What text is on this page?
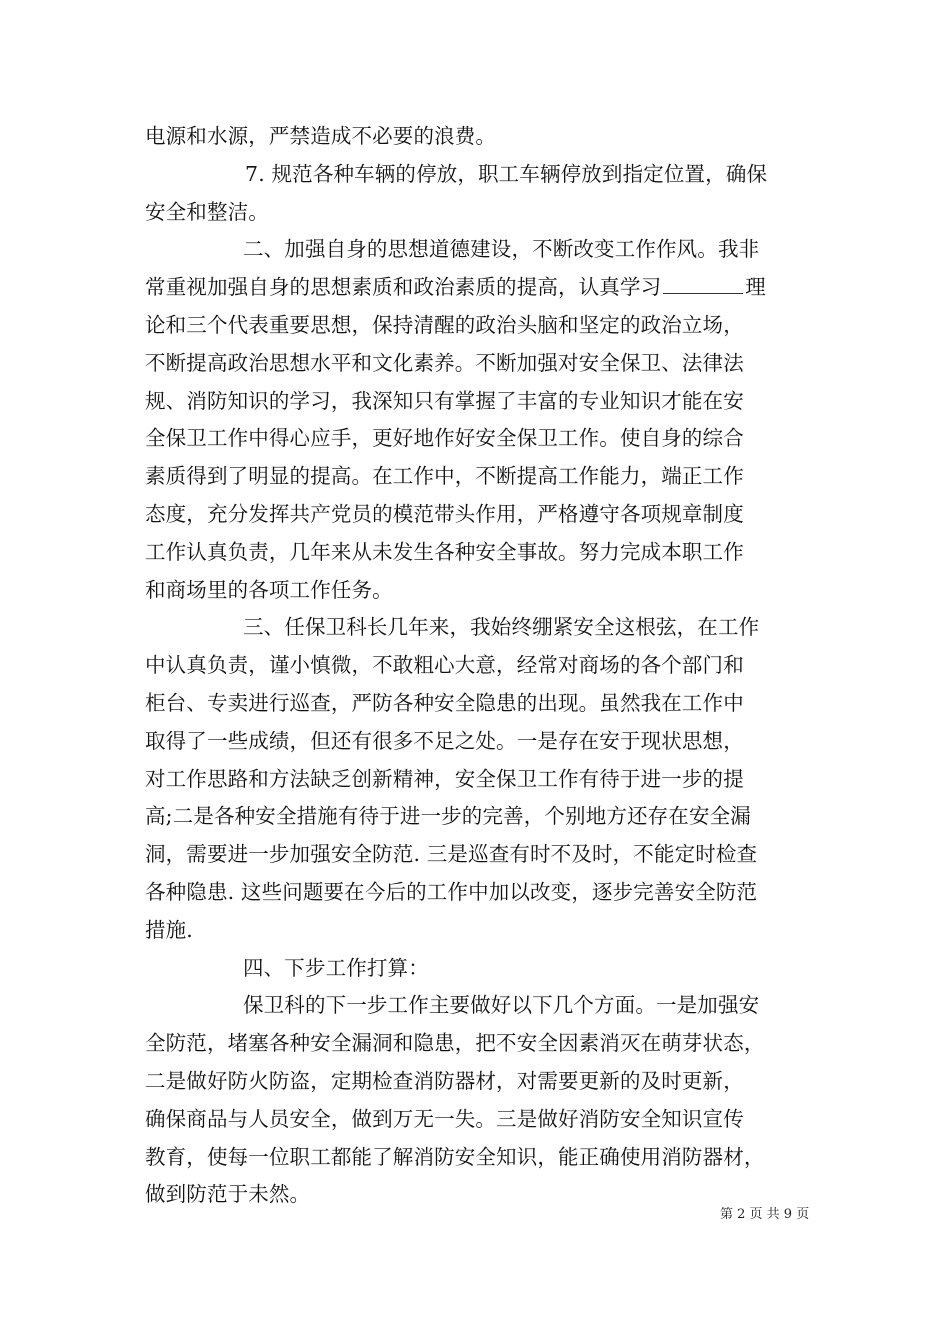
电源和水源，严禁造成不必要的浪费。
7. 规范各种车辆的停放，职工车辆停放到指定位置，确保
安全和整洁。
二、加强自身的思想道德建设，不断改变工作作风。我非
常重视加强自身的思想素质和政治素质的提高，认真学习	理
论和三个代表重要思想，保持清醒的政治头脑和坚定的政治立场，
不断提高政治思想水平和文化素养。不断加强对安全保卫、法律法
规、消防知识的学习，我深知只有掌握了丰富的专业知识才能在安
全保卫工作中得心应手，更好地作好安全保卫工作。使自身的综合
素质得到了明显的提高。在工作中，不断提高工作能力，端正工作
态度，充分发挥共产党员的模范带头作用，严格遵守各项规章制度
工作认真负责，几年来从未发生各种安全事故。努力完成本职工作
和商场里的各项工作任务。
三、任保卫科长几年来，我始终绷紧安全这根弦，在工作
中认真负责，谨小慎微，不敢粗心大意，经常对商场的各个部门和
柜台、专卖进行巡查，严防各种安全隐患的出现。虽然我在工作中
取得了一些成绩，但还有很多不足之处。一是存在安于现状思想，
对工作思路和方法缺乏创新精神，安全保卫工作有待于进一步的提
高;二是各种安全措施有待于进一步的完善，个别地方还存在安全漏
洞，需要进一步加强安全防范. 三是巡查有时不及时，不能定时检查
各种隐患. 这些问题要在今后的工作中加以改变，逐步完善安全防范
措施.
四、下步工作打算：
保卫科的下一步工作主要做好以下几个方面。一是加强安
全防范，堵塞各种安全漏洞和隐患，把不安全因素消灭在萌芽状态，
二是做好防火防盗，定期检查消防器材，对需要更新的及时更新，
确保商品与人员安全，做到万无一失。三是做好消防安全知识宣传
教育，使每一位职工都能了解消防安全知识，能正确使用消防器材，
做到防范于未然。
第 2 页 共 9 页
